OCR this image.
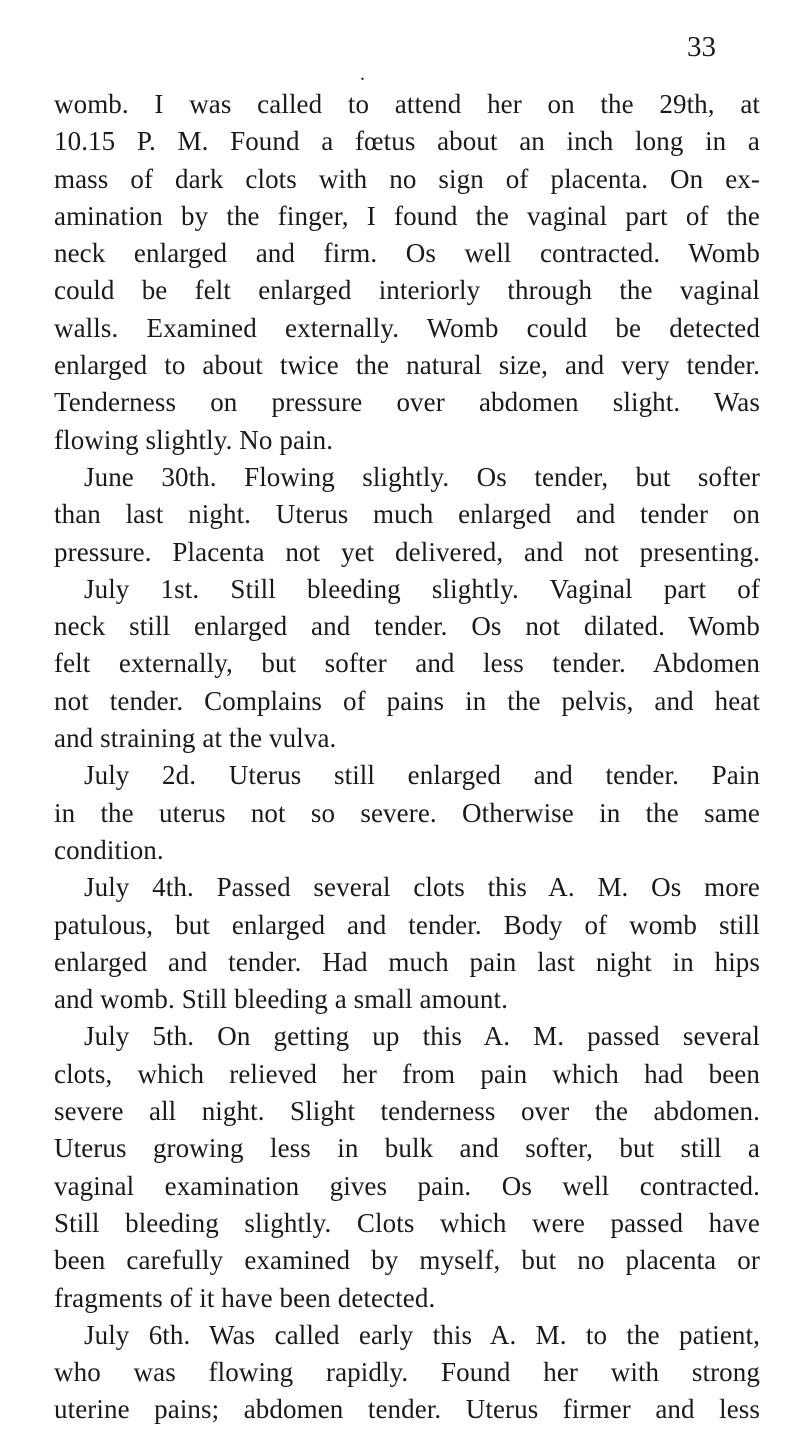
33
.
womb. I was called to attend her on the 29th, at
10.15 P. M. Found a fœtus about an inch long in a
mass of dark clots with no sign of placenta. On ex-
amination by the finger, I found the vaginal part of the
neck enlarged and firm. Os well contracted. Womb
could be felt enlarged interiorly through the vaginal
walls. Examined externally. Womb could be detected
enlarged to about twice the natural size, and very tender.
Tenderness on pressure over abdomen slight. Was
flowing slightly. No pain.
June 30th. Flowing slightly. Os tender, but softer
than last night. Uterus much enlarged and tender on
pressure. Placenta not yet delivered, and not presenting.
July 1st. Still bleeding slightly. Vaginal part of
neck still enlarged and tender. Os not dilated. Womb
felt externally, but softer and less tender. Abdomen
not tender. Complains of pains in the pelvis, and heat
and straining at the vulva.
July 2d. Uterus still enlarged and tender. Pain
in the uterus not so severe. Otherwise in the same
condition.
July 4th. Passed several clots this A. M. Os more
patulous, but enlarged and tender. Body of womb still
enlarged and tender. Had much pain last night in hips
and womb. Still bleeding a small amount.
July 5th. On getting up this A. M. passed several
clots, which relieved her from pain which had been
severe all night. Slight tenderness over the abdomen.
Uterus growing less in bulk and softer, but still a
vaginal examination gives pain. Os well contracted.
Still bleeding slightly. Clots which were passed have
been carefully examined by myself, but no placenta or
fragments of it have been detected.
July 6th. Was called early this A. M. to the patient,
who was flowing rapidly. Found her with strong
uterine pains; abdomen tender. Uterus firmer and less
